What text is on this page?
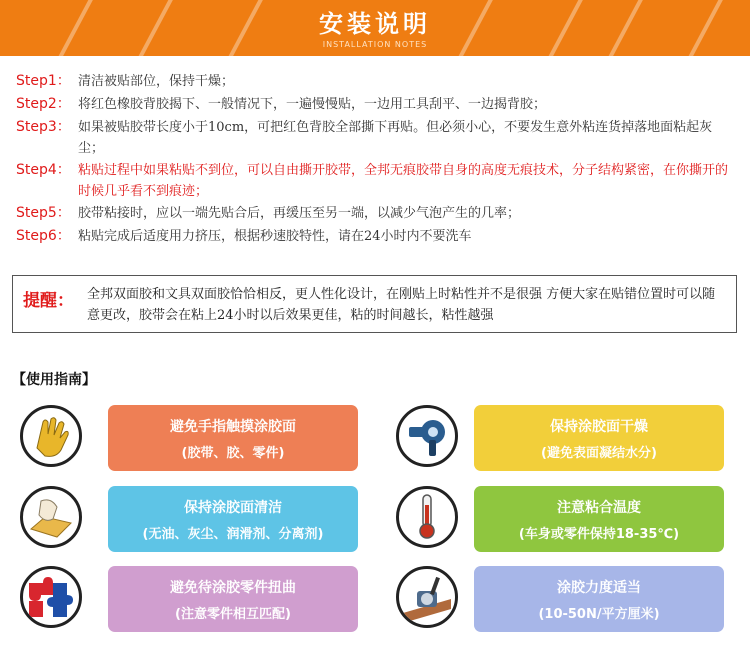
安装说明
INSTALLATION NOTES
Step1： 清洁被贴部位，保持干燥；
Step2： 将红色橡胶背胶揭下、一般情况下，一遍慢慢贴，一边用工具刮平、一边揭背胶；
Step3： 如果被贴胶带长度小于10cm，可把红色背胶全部撕下再贴。但必须小心，不要发生意外粘连货掉落地面粘起灰尘；
Step4： 粘贴过程中如果粘贴不到位，可以自由撕开胶带，全邦无痕胶带自身的高度无痕技术，分子结构紧密，在你撕开的时候几乎看不到痕迹；
Step5： 胶带粘接时，应以一端先贴合后，再缓压至另一端，以减少气泡产生的几率；
Step6： 粘贴完成后适度用力挤压，根据秒速胶特性，请在24小时内不要洗车
提醒： 全邦双面胶和文具双面胶恰恰相反，更人性化设计，在刚贴上时粘性并不是很强 方便大家在贴错位置时可以随意更改，胶带会在粘上24小时以后效果更佳，粘的时间越长，粘性越强
【使用指南】
避免手指触摸涂胶面
(胶带、胶、零件)
保持涂胶面干燥
(避免表面凝结水分)
保持涂胶面清洁
(无油、灰尘、润滑剂、分离剂)
注意粘合温度
(车身或零件保持18-35℃)
避免待涂胶零件扭曲
(注意零件相互匹配)
涂胶力度适当
(10-50N/平方厘米)
